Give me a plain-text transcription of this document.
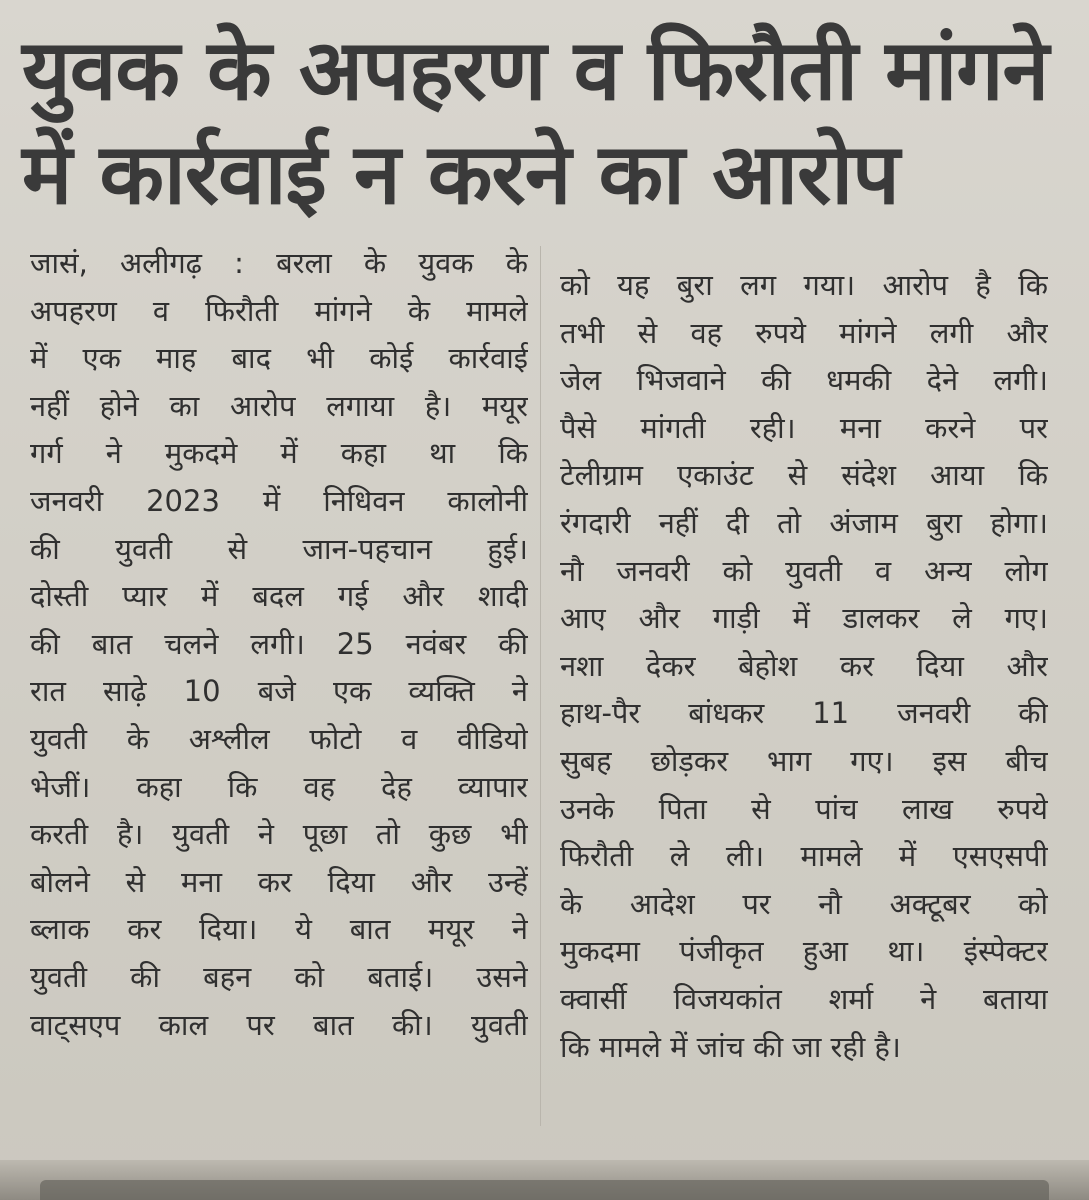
युवक के अपहरण व फिरौती मांगने
में कार्रवाई न करने का आरोप
जासं, अलीगढ़ : बरला के युवक के
अपहरण व फिरौती मांगने के मामले
में एक माह बाद भी कोई कार्रवाई
नहीं होने का आरोप लगाया है। मयूर
गर्ग ने मुकदमे में कहा था कि
जनवरी 2023 में निधिवन कालोनी
की युवती से जान-पहचान हुई।
दोस्ती प्यार में बदल गई और शादी
की बात चलने लगी। 25 नवंबर की
रात साढ़े 10 बजे एक व्यक्ति ने
युवती के अश्लील फोटो व वीडियो
भेजीं। कहा कि वह देह व्यापार
करती है। युवती ने पूछा तो कुछ भी
बोलने से मना कर दिया और उन्हें
ब्लाक कर दिया। ये बात मयूर ने
युवती की बहन को बताई। उसने
वाट्सएप काल पर बात की। युवती
को यह बुरा लग गया। आरोप है कि
तभी से वह रुपये मांगने लगी और
जेल भिजवाने की धमकी देने लगी।
पैसे मांगती रही। मना करने पर
टेलीग्राम एकाउंट से संदेश आया कि
रंगदारी नहीं दी तो अंजाम बुरा होगा।
नौ जनवरी को युवती व अन्य लोग
आए और गाड़ी में डालकर ले गए।
नशा देकर बेहोश कर दिया और
हाथ-पैर बांधकर 11 जनवरी की
सुबह छोड़कर भाग गए। इस बीच
उनके पिता से पांच लाख रुपये
फिरौती ले ली। मामले में एसएसपी
के आदेश पर नौ अक्टूबर को
मुकदमा पंजीकृत हुआ था। इंस्पेक्टर
क्वार्सी विजयकांत शर्मा ने बताया
कि मामले में जांच की जा रही है।
